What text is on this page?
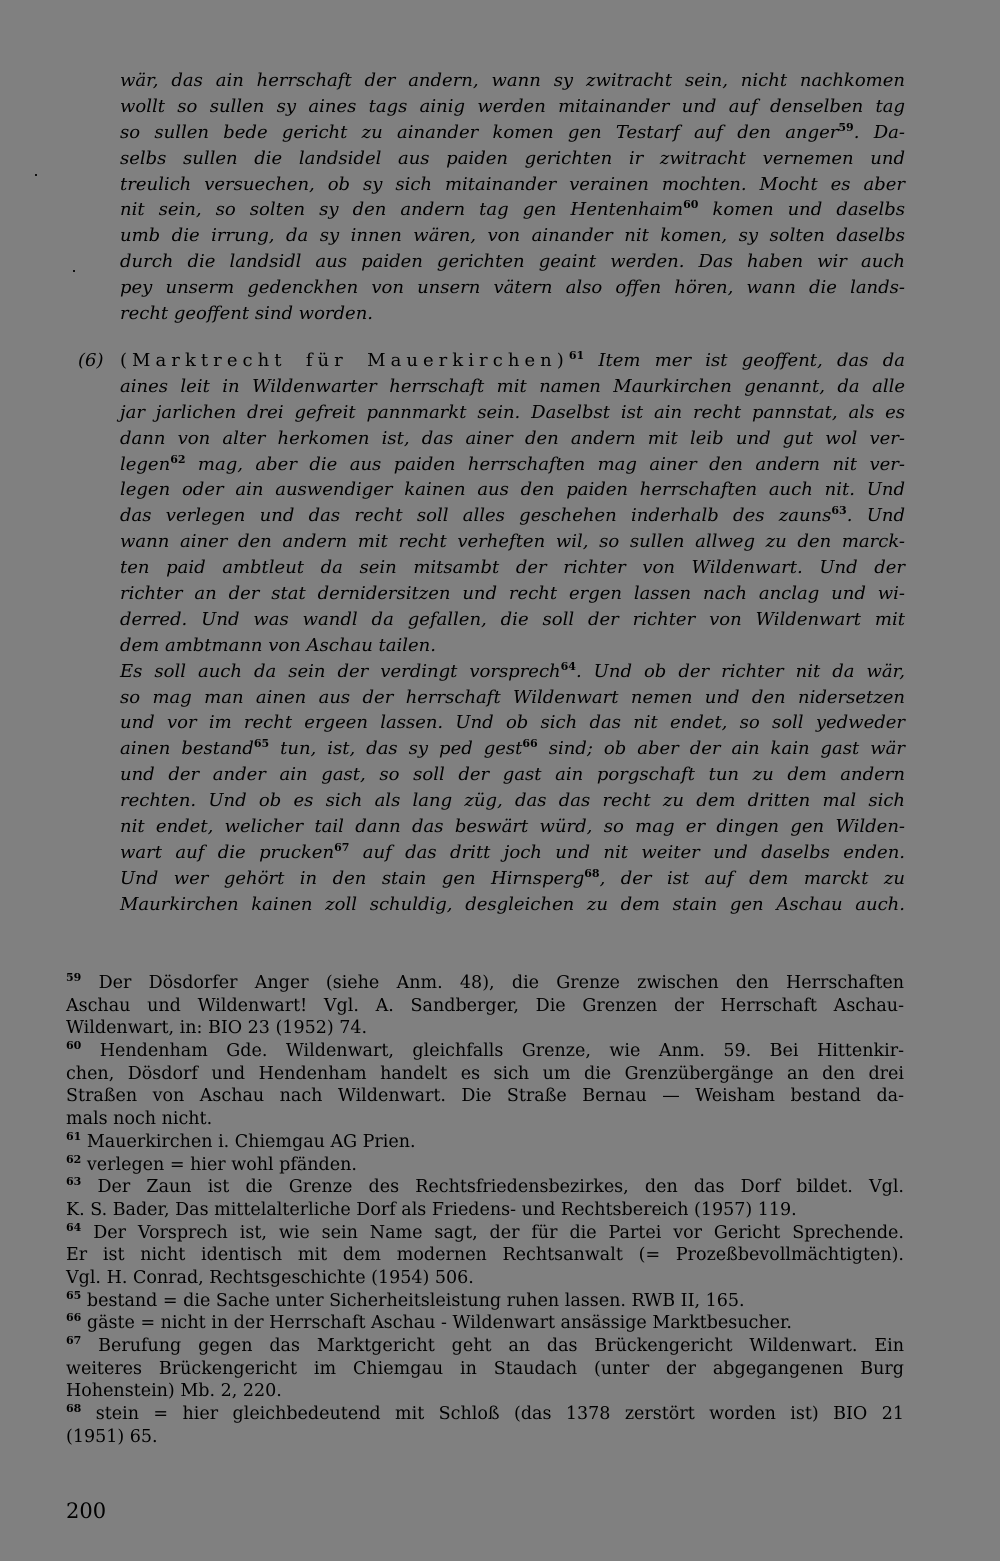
wär, das ain herrschaft der andern, wann sy zwitracht sein, nicht nachkomen
wollt so sullen sy aines tags ainig werden mitainander und auf denselben tag
so sullen bede gericht zu ainander komen gen Testarf auf den anger$^{59}$. Da-
selbs sullen die landsidel aus paiden gerichten ir zwitracht vernemen und
treulich versuechen, ob sy sich mitainander verainen mochten. Mocht es aber
nit sein, so solten sy den andern tag gen Hentenhaim$^{60}$ komen und daselbs
umb die irrung, da sy innen wären, von ainander nit komen, sy solten daselbs
durch die landsidl aus paiden gerichten geaint werden. Das haben wir auch
pey unserm gedenckhen von unsern vätern also offen hören, wann die lands-
recht geoffent sind worden.
(6) (Marktrecht für Mauerkirchen)$^{61}$ Item mer ist geoffent, das da
aines leit in Wildenwarter herrschaft mit namen Maurkirchen genannt, da alle
jar jarlichen drei gefreit pannmarkt sein. Daselbst ist ain recht pannstat, als es
dann von alter herkomen ist, das ainer den andern mit leib und gut wol ver-
legen$^{62}$ mag, aber die aus paiden herrschaften mag ainer den andern nit ver-
legen oder ain auswendiger kainen aus den paiden herrschaften auch nit. Und
das verlegen und das recht soll alles geschehen inderhalb des zauns$^{63}$. Und
wann ainer den andern mit recht verheften wil, so sullen allweg zu den marck-
ten paid ambtleut da sein mitsambt der richter von Wildenwart. Und der
richter an der stat dernidersitzen und recht ergen lassen nach anclag und wi-
derred. Und was wandl da gefallen, die soll der richter von Wildenwart mit
dem ambtmann von Aschau tailen.
Es soll auch da sein der verdingt vorsprech$^{64}$. Und ob der richter nit da wär,
so mag man ainen aus der herrschaft Wildenwart nemen und den nidersetzen
und vor im recht ergeen lassen. Und ob sich das nit endet, so soll yedweder
ainen bestand$^{65}$ tun, ist, das sy ped gest$^{66}$ sind; ob aber der ain kain gast wär
und der ander ain gast, so soll der gast ain porgschaft tun zu dem andern
rechten. Und ob es sich als lang züg, das das recht zu dem dritten mal sich
nit endet, welicher tail dann das beswärt würd, so mag er dingen gen Wilden-
wart auf die prucken$^{67}$ auf das dritt joch und nit weiter und daselbs enden.
Und wer gehört in den stain gen Hirnsperg$^{68}$, der ist auf dem marckt zu
Maurkirchen kainen zoll schuldig, desgleichen zu dem stain gen Aschau auch.
$^{59}$ Der Dösdorfer Anger (siehe Anm. 48), die Grenze zwischen den Herrschaften
Aschau und Wildenwart! Vgl. A. Sandberger, Die Grenzen der Herrschaft Aschau-
Wildenwart, in: BIO 23 (1952) 74.
$^{60}$ Hendenham Gde. Wildenwart, gleichfalls Grenze, wie Anm. 59. Bei Hittenkir-
chen, Dösdorf und Hendenham handelt es sich um die Grenzübergänge an den drei
Straßen von Aschau nach Wildenwart. Die Straße Bernau — Weisham bestand da-
mals noch nicht.
$^{61}$ Mauerkirchen i. Chiemgau AG Prien.
$^{62}$ verlegen = hier wohl pfänden.
$^{63}$ Der Zaun ist die Grenze des Rechtsfriedensbezirkes, den das Dorf bildet. Vgl.
K. S. Bader, Das mittelalterliche Dorf als Friedens- und Rechtsbereich (1957) 119.
$^{64}$ Der Vorsprech ist, wie sein Name sagt, der für die Partei vor Gericht Sprechende.
Er ist nicht identisch mit dem modernen Rechtsanwalt (= Prozeßbevollmächtigten).
Vgl. H. Conrad, Rechtsgeschichte (1954) 506.
$^{65}$ bestand = die Sache unter Sicherheitsleistung ruhen lassen. RWB II, 165.
$^{66}$ gäste = nicht in der Herrschaft Aschau - Wildenwart ansässige Marktbesucher.
$^{67}$ Berufung gegen das Marktgericht geht an das Brückengericht Wildenwart. Ein
weiteres Brückengericht im Chiemgau in Staudach (unter der abgegangenen Burg
Hohenstein) Mb. 2, 220.
$^{68}$ stein = hier gleichbedeutend mit Schloß (das 1378 zerstört worden ist) BIO 21
(1951) 65.
200
